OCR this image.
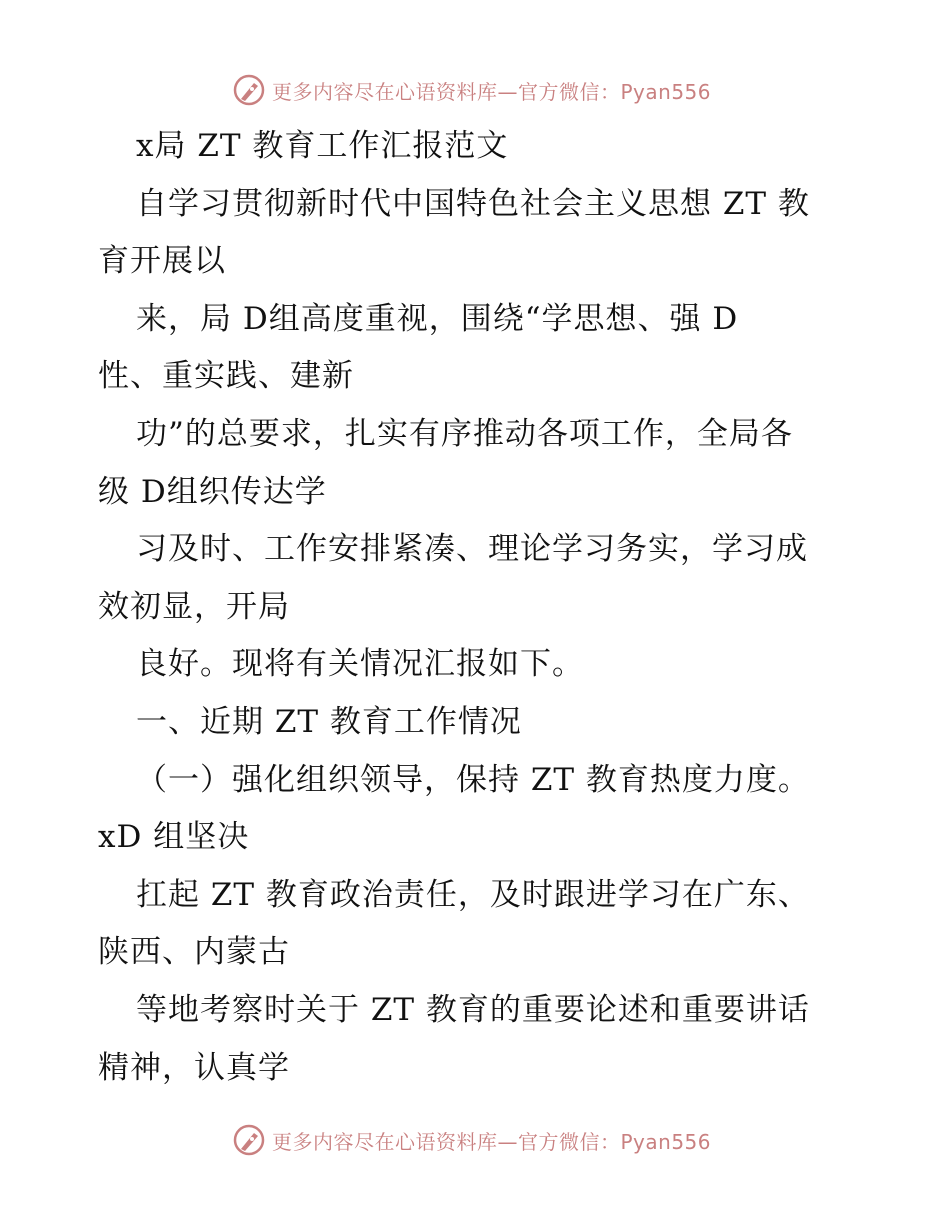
更多内容尽在心语资料库—官方微信：Pyan556
x局 ZT 教育工作汇报范文
自学习贯彻新时代中国特色社会主义思想 ZT 教
育开展以
来，局 D组高度重视，围绕“学思想、强 D
性、重实践、建新
功”的总要求，扎实有序推动各项工作，全局各
级 D组织传达学
习及时、工作安排紧凑、理论学习务实，学习成
效初显，开局
良好。现将有关情况汇报如下。
一、近期 ZT 教育工作情况
（一）强化组织领导，保持 ZT 教育热度力度。
xD 组坚决
扛起 ZT 教育政治责任，及时跟进学习在广东、
陕西、内蒙古
等地考察时关于 ZT 教育的重要论述和重要讲话
精神，认真学
更多内容尽在心语资料库—官方微信：Pyan556
